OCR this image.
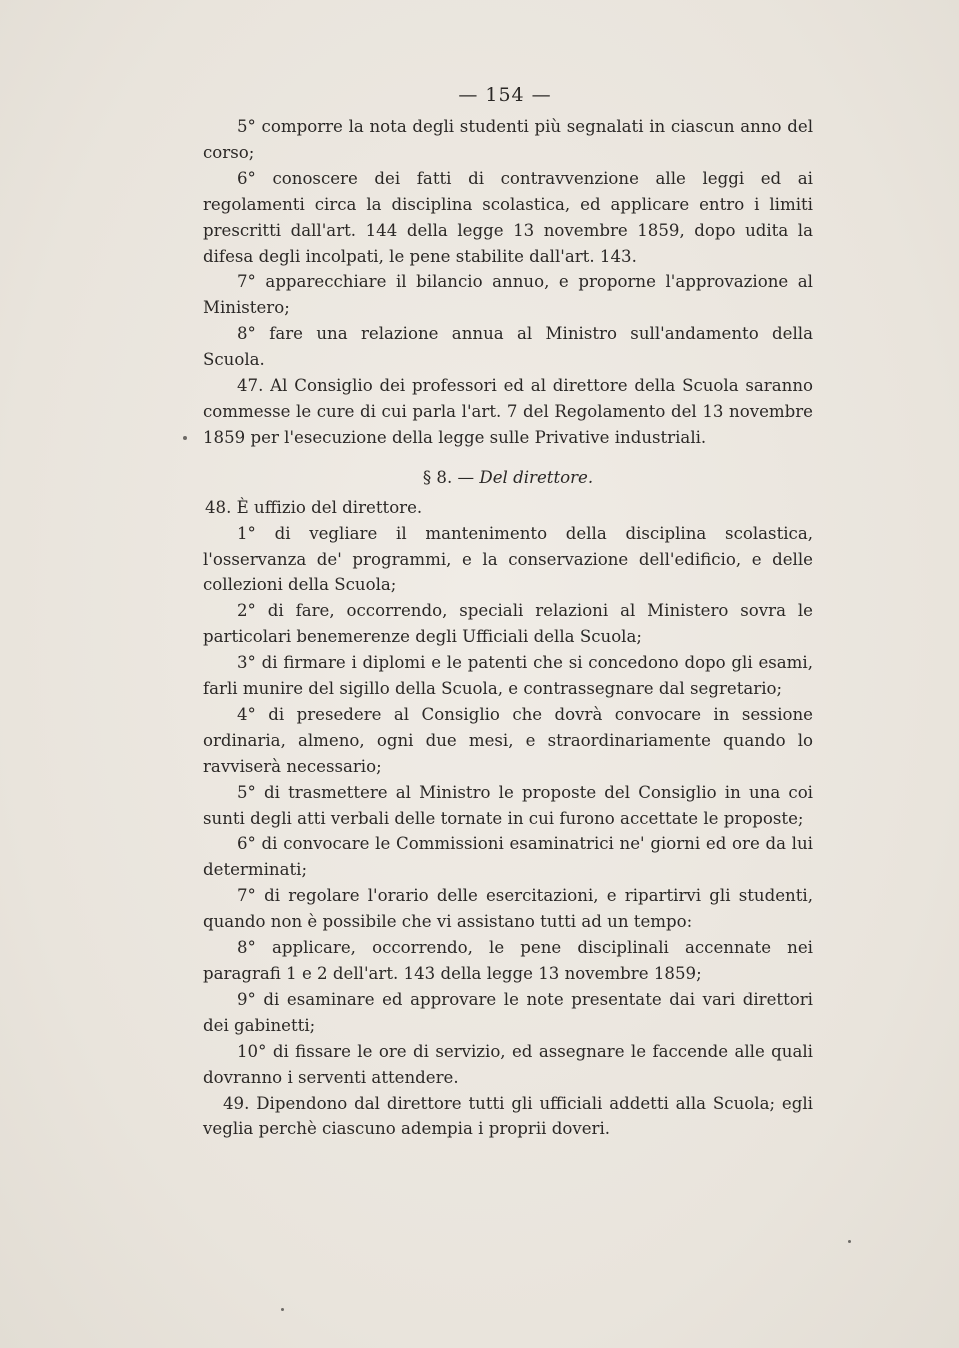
— 154 —

5° comporre la nota degli studenti più segnalati in ciascun anno del corso;

6° conoscere dei fatti di contravvenzione alle leggi ed ai regolamenti circa la disciplina scolastica, ed applicare entro i limiti prescritti dall'art. 144 della legge 13 novembre 1859, dopo udita la difesa degli incolpati, le pene stabilite dall'art. 143.

7° apparecchiare il bilancio annuo, e proporne l'approvazione al Ministero;

8° fare una relazione annua al Ministro sull'andamento della Scuola.

47. Al Consiglio dei professori ed al direttore della Scuola saranno commesse le cure di cui parla l'art. 7 del Regolamento del 13 novembre 1859 per l'esecuzione della legge sulle Privative industriali.

§ 8. — Del direttore.

48. È uffizio del direttore.

1° di vegliare il mantenimento della disciplina scolastica, l'osservanza de' programmi, e la conservazione dell'edificio, e delle collezioni della Scuola;

2° di fare, occorrendo, speciali relazioni al Ministero sovra le particolari benemerenze degli Ufficiali della Scuola;

3° di firmare i diplomi e le patenti che si concedono dopo gli esami, farli munire del sigillo della Scuola, e contrassegnare dal segretario;

4° di presedere al Consiglio che dovrà convocare in sessione ordinaria, almeno, ogni due mesi, e straordinariamente quando lo ravviserà necessario;

5° di trasmettere al Ministro le proposte del Consiglio in una coi sunti degli atti verbali delle tornate in cui furono accettate le proposte;

6° di convocare le Commissioni esaminatrici ne' giorni ed ore da lui determinati;

7° di regolare l'orario delle esercitazioni, e ripartirvi gli studenti, quando non è possibile che vi assistano tutti ad un tempo:

8° applicare, occorrendo, le pene disciplinali accennate nei paragrafi 1 e 2 dell'art. 143 della legge 13 novembre 1859;

9° di esaminare ed approvare le note presentate dai vari direttori dei gabinetti;

10° di fissare le ore di servizio, ed assegnare le faccende alle quali dovranno i serventi attendere.

49. Dipendono dal direttore tutti gli ufficiali addetti alla Scuola; egli veglia perchè ciascuno adempia i proprii doveri.
